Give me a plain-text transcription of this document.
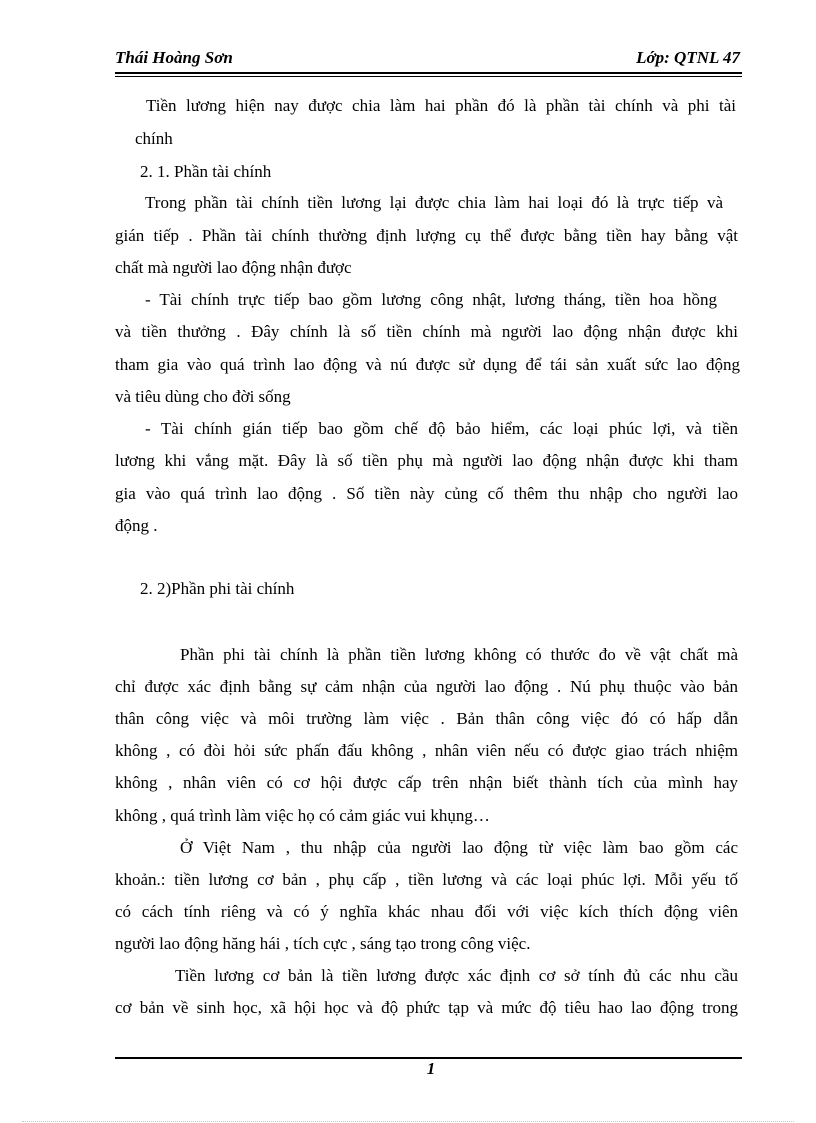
Thái Hoàng Sơn	Lớp: QTNL 47

Tiền lương hiện nay được chia làm hai phần đó là phần tài chính và phi tài

chính

2. 1. Phần tài chính

Trong phần tài chính tiền lương lại được chia làm hai loại đó là trực tiếp và

gián tiếp . Phần tài chính thường định lượng cụ thể được bằng tiền hay bằng vật

chất mà người lao động nhận được

- Tài chính trực tiếp bao gồm lương công nhật, lương tháng, tiền hoa hồng

và tiền thưởng . Đây chính là số tiền chính mà người lao động nhận được khi

tham gia vào quá trình lao động và nú được sử dụng để tái sản xuất sức lao động

và tiêu dùng cho đời sống

- Tài chính gián tiếp bao gồm chế độ bảo hiểm, các loại phúc lợi, và tiền

lương khi vắng mặt. Đây là số tiền phụ mà người lao động nhận được khi tham

gia vào quá trình lao động . Số tiền này củng cố thêm thu nhập cho người lao

động .

2. 2)Phần phi tài chính

Phần phi tài chính là phần tiền lương không có thước đo về vật chất mà

chỉ được xác định bằng sự cảm nhận của người lao động . Nú phụ thuộc vào bản

thân công việc và môi trường làm việc . Bản thân công việc đó có hấp dẫn

không , có đòi hỏi sức phấn đấu không , nhân viên nếu có được giao trách nhiệm

không , nhân viên có cơ hội được cấp trên nhận biết thành tích của mình hay

không , quá trình làm việc họ có cảm giác vui khụng…

Ở Việt Nam , thu nhập của người lao động từ việc làm bao gồm các

khoản.: tiền lương cơ bản , phụ cấp , tiền lương và các loại phúc lợi. Mỗi yếu tố

có cách tính riêng và có ý nghĩa khác nhau đối với việc kích thích động viên

người lao động hăng hái , tích cực , sáng tạo trong công việc.

Tiền lương cơ bản là tiền lương được xác định cơ sở tính đủ các nhu cầu

cơ bản về sinh học, xã hội học và độ phức tạp và mức độ tiêu hao lao động trong

1
